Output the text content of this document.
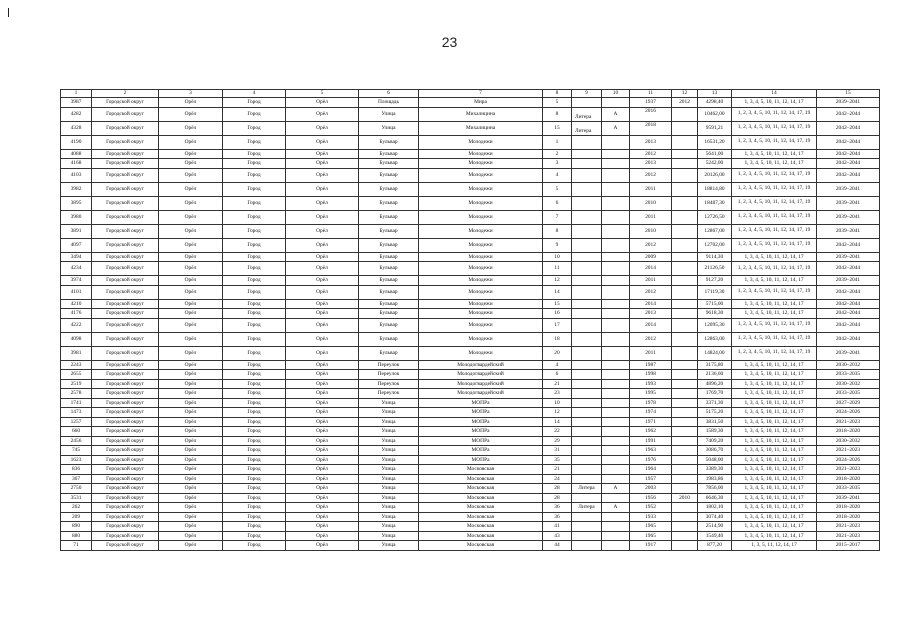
23
1	2	3	4	5	6	7	8	9	10	11	12	13	14	15
3987	Городской округ	Орёл	Город	Орёл	Площадь	Мира	5			1937	2012	4298,40	1, 3, 4, 5, 10, 11, 12, 14, 17	2039–2041
4282	Городской округ	Орёл	Город	Орёл	Улица	Михалицина	8	Литера	А	2016		10462,00	1, 2, 3, 4, 5, 10, 11, 12, 14, 17, 19	2042–2044
4328	Городской округ	Орёл	Город	Орёл	Улица	Михалицина	15	Литера	А	2018		9591,21	1, 2, 3, 4, 5, 10, 11, 12, 14, 17, 19	2042–2044
4190	Городской округ	Орёл	Город	Орёл	Бульвар	Молодежи	1			2013		16531,20	1, 2, 3, 4, 5, 10, 11, 12, 14, 17, 19	2042–2044
4088	Городской округ	Орёл	Город	Орёл	Бульвар	Молодежи	2			2012		5641,00	1, 3, 4, 5, 10, 11, 12, 14, 17	2042–2044
4168	Городской округ	Орёл	Город	Орёл	Бульвар	Молодежи	3			2013		5242,00	1, 3, 4, 5, 10, 11, 12, 14, 17	2042–2044
4103	Городской округ	Орёл	Город	Орёл	Бульвар	Молодежи	4			2012		20126,00	1, 2, 3, 4, 5, 10, 11, 12, 14, 17, 19	2042–2044
3982	Городской округ	Орёл	Город	Орёл	Бульвар	Молодежи	5			2011		18814,80	1, 2, 3, 4, 5, 10, 11, 12, 14, 17, 19	2039–2041
3895	Городской округ	Орёл	Город	Орёл	Бульвар	Молодежи	6			2010		18487,30	1, 2, 3, 4, 5, 10, 11, 12, 14, 17, 19	2039–2041
3980	Городской округ	Орёл	Город	Орёл	Бульвар	Молодежи	7			2011		12726,50	1, 2, 3, 4, 5, 10, 11, 12, 14, 17, 19	2039–2041
3891	Городской округ	Орёл	Город	Орёл	Бульвар	Молодежи	8			2010		12867,00	1, 2, 3, 4, 5, 10, 11, 12, 14, 17, 19	2039–2041
4097	Городской округ	Орёл	Город	Орёл	Бульвар	Молодежи	9			2012		12702,00	1, 2, 3, 4, 5, 10, 11, 12, 14, 17, 19	2042–2044
3494	Городской округ	Орёл	Город	Орёл	Бульвар	Молодежи	10			2009		9114,30	1, 3, 4, 5, 10, 11, 12, 14, 17	2039–2041
4234	Городской округ	Орёл	Город	Орёл	Бульвар	Молодежи	11			2014		21126,50	1, 2, 3, 4, 5, 10, 11, 12, 14, 17, 19	2042–2044
3974	Городской округ	Орёл	Город	Орёл	Бульвар	Молодежи	12			2011		9127,20	1, 3, 4, 5, 10, 11, 12, 14, 17	2039–2041
4101	Городской округ	Орёл	Город	Орёл	Бульвар	Молодежи	14			2012		17119,30	1, 2, 3, 4, 5, 10, 11, 12, 14, 17, 19	2042–2044
4210	Городской округ	Орёл	Город	Орёл	Бульвар	Молодежи	15			2014		5715,00	1, 3, 4, 5, 10, 11, 12, 14, 17	2042–2044
4176	Городской округ	Орёл	Город	Орёл	Бульвар	Молодежи	16			2013		9618,30	1, 3, 4, 5, 10, 11, 12, 14, 17	2042–2044
4222	Городской округ	Орёл	Город	Орёл	Бульвар	Молодежи	17			2014		12095,30	1, 2, 3, 4, 5, 10, 11, 12, 14, 17, 19	2042–2044
4098	Городской округ	Орёл	Город	Орёл	Бульвар	Молодежи	18			2012		12863,00	1, 2, 3, 4, 5, 10, 11, 12, 14, 17, 19	2042–2044
3981	Городской округ	Орёл	Город	Орёл	Бульвар	Молодежи	20			2011		14824,00	1, 2, 3, 4, 5, 10, 11, 12, 14, 17, 19	2039–2041
2243	Городской округ	Орёл	Город	Орёл	Переулок	Молодогвардейский	4			1987		3175,80	1, 3, 4, 5, 10, 11, 12, 14, 17	2030–2032
2655	Городской округ	Орёл	Город	Орёл	Переулок	Молодогвардейский	6			1998		2136,60	1, 3, 4, 5, 10, 11, 12, 14, 17	2033–2035
2519	Городской округ	Орёл	Город	Орёл	Переулок	Молодогвардейский	21			1993		4896,20	1, 3, 4, 5, 10, 11, 12, 14, 17	2030–2032
2578	Городской округ	Орёл	Город	Орёл	Переулок	Молодогвардейский	23			1995		1769,70	1, 3, 4, 5, 10, 11, 12, 14, 17	2033–2035
1741	Городской округ	Орёл	Город	Орёл	Улица	МОПРа	10			1978		3371,30	1, 3, 4, 5, 10, 11, 12, 14, 17	2027–2029
1473	Городской округ	Орёл	Город	Орёл	Улица	МОПРа	12			1974		5175,20	1, 3, 4, 5, 10, 11, 12, 14, 17	2024–2026
1257	Городской округ	Орёл	Город	Орёл	Улица	МОПРа	14			1971		3831,50	1, 3, 4, 5, 10, 11, 12, 14, 17	2021–2023
660	Городской округ	Орёл	Город	Орёл	Улица	МОПРа	22			1962		1589,30	1, 3, 4, 5, 10, 11, 12, 14, 17	2018–2020
2456	Городской округ	Орёл	Город	Орёл	Улица	МОПРа	29			1991		7409,20	1, 3, 4, 5, 10, 11, 12, 14, 17	2030–2032
745	Городской округ	Орёл	Город	Орёл	Улица	МОПРа	31			1963		3086,70	1, 3, 4, 5, 10, 11, 12, 14, 17	2021–2023
1623	Городской округ	Орёл	Город	Орёл	Улица	МОПРа	35			1976		5048,00	1, 3, 4, 5, 10, 11, 12, 14, 17	2024–2026
836	Городской округ	Орёл	Город	Орёл	Улица	Московская	21			1964		3389,30	1, 3, 4, 5, 10, 11, 12, 14, 17	2021–2023
367	Городской округ	Орёл	Город	Орёл	Улица	Московская	24			1957		1983,86	1, 3, 4, 5, 10, 11, 12, 14, 17	2018–2020
2750	Городской округ	Орёл	Город	Орёл	Улица	Московская	28	Литера	А	2003		7856,00	1, 3, 4, 5, 10, 11, 12, 14, 17	2033–2035
3531	Городской округ	Орёл	Город	Орёл	Улица	Московская	28			1956	2010	6646,30	1, 3, 4, 5, 10, 11, 12, 14, 17	2039–2041
262	Городской округ	Орёл	Город	Орёл	Улица	Московская	36	Литера	А	1952		1802,10	1, 3, 4, 5, 10, 11, 12, 14, 17	2018–2020
209	Городской округ	Орёл	Город	Орёл	Улица	Московская	36			1933		3074,40	1, 3, 4, 5, 10, 11, 12, 14, 17	2018–2020
890	Городской округ	Орёл	Город	Орёл	Улица	Московская	41			1965		2514,90	1, 3, 4, 5, 10, 11, 12, 14, 17	2021–2023
880	Городской округ	Орёл	Город	Орёл	Улица	Московская	43			1965		1549,40	1, 3, 4, 5, 10, 11, 12, 14, 17	2021–2023
71	Городской округ	Орёл	Город	Орёл	Улица	Московская	44			1917		877,20	1, 3, 5, 11, 12, 14, 17	2015–2017
